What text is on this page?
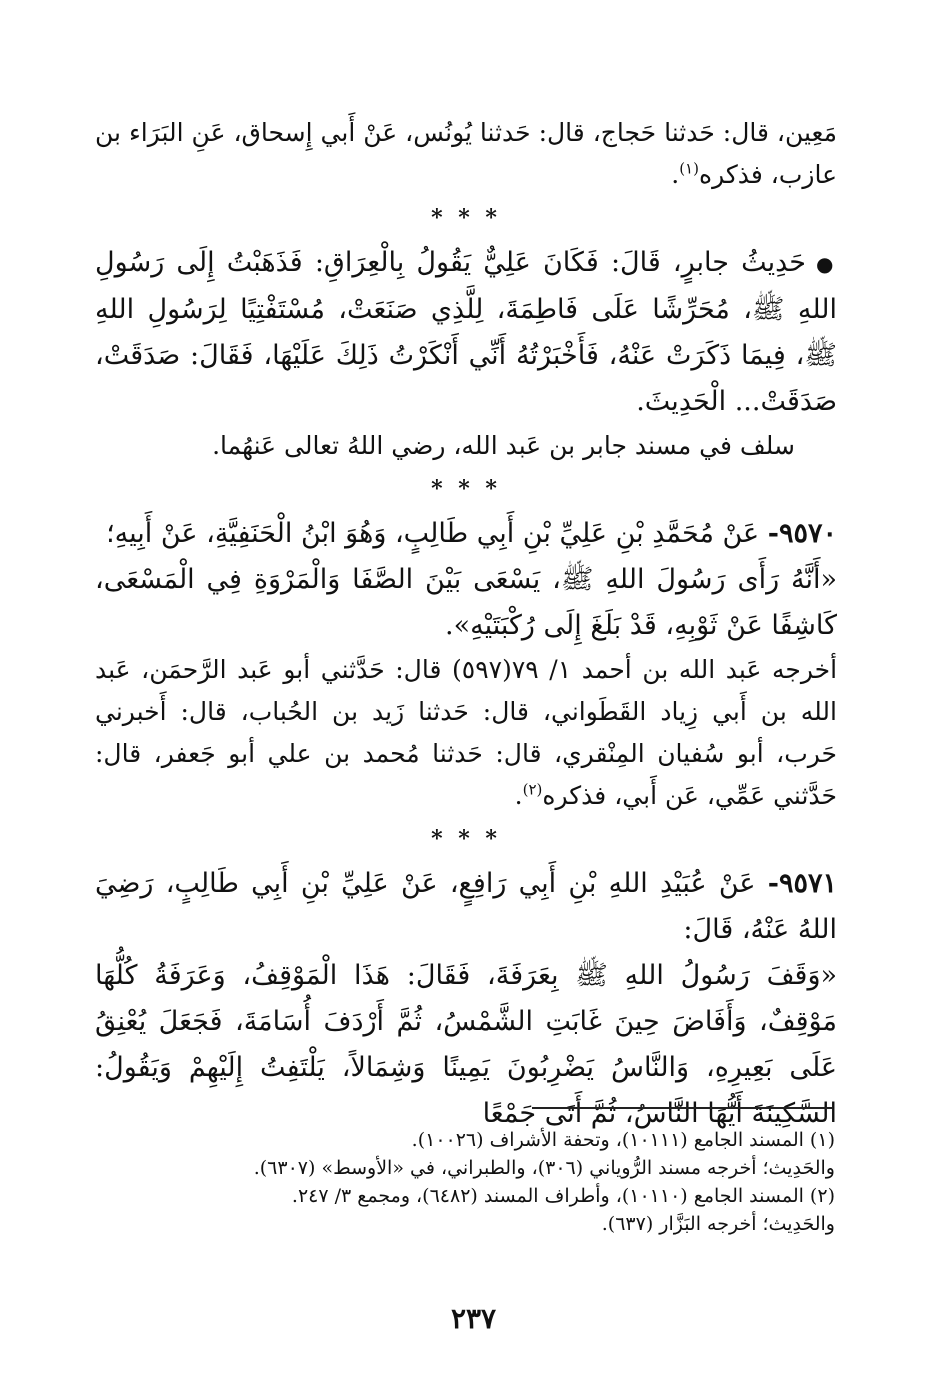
مَعِين، قال: حَدثنا حَجاج، قال: حَدثنا يُونُس، عَنْ أَبي إِسحاق، عَنِ البَرَاء بن عازب، فذكره$^{(١)}$.

* * *

●حَدِيثُ جابرٍ، قَالَ: فَكَانَ عَلِيٌّ يَقُولُ بِالْعِرَاقِ: فَذَهَبْتُ إِلَى رَسُولِ اللهِ ﷺ، مُحَرِّشًا عَلَى فَاطِمَةَ، لِلَّذِي صَنَعَتْ، مُسْتَفْتِيًا لِرَسُولِ اللهِ ﷺ، فِيمَا ذَكَرَتْ عَنْهُ، فَأَخْبَرْتُهُ أَنِّي أَنْكَرْتُ ذَلِكَ عَلَيْهَا، فَقَالَ: صَدَقَتْ، صَدَقَتْ... الْحَدِيثَ.

سلف في مسند جابر بن عَبد الله، رضي اللهُ تعالى عَنهُما.

* * *

٩٥٧٠- عَنْ مُحَمَّدِ بْنِ عَلِيِّ بْنِ أَبِي طَالِبٍ، وَهُوَ ابْنُ الْحَنَفِيَّةِ، عَنْ أَبِيهِ؛

«أَنَّهُ رَأَى رَسُولَ اللهِ ﷺ، يَسْعَى بَيْنَ الصَّفَا وَالْمَرْوَةِ فِي الْمَسْعَى، كَاشِفًا عَنْ ثَوْبِهِ، قَدْ بَلَغَ إِلَى رُكْبَتَيْهِ».

أخرجه عَبد الله بن أحمد ١/ ٧٩(٥٩٧) قال: حَدَّثني أبو عَبد الرَّحمَن، عَبد الله بن أَبي زِياد القَطَواني، قال: حَدثنا زَيد بن الحُباب، قال: أَخبرني حَرب، أبو سُفيان المِنْقري، قال: حَدثنا مُحمد بن علي أبو جَعفر، قال: حَدَّثني عَمِّي، عَن أَبي، فذكره$^{(٢)}$.

* * *

٩٥٧١- عَنْ عُبَيْدِ اللهِ بْنِ أَبِي رَافِعٍ، عَنْ عَلِيِّ بْنِ أَبِي طَالِبٍ، رَضِيَ اللهُ عَنْهُ، قَالَ:

«وَقَفَ رَسُولُ اللهِ ﷺ بِعَرَفَةَ، فَقَالَ: هَذَا الْمَوْقِفُ، وَعَرَفَةُ كُلُّهَا مَوْقِفٌ، وَأَفَاضَ حِينَ غَابَتِ الشَّمْسُ، ثُمَّ أَرْدَفَ أُسَامَةَ، فَجَعَلَ يُعْنِقُ عَلَى بَعِيرِهِ، وَالنَّاسُ يَضْرِبُونَ يَمِينًا وَشِمَالاً، يَلْتَفِتُ إِلَيْهِمْ وَيَقُولُ: السَّكِينَةَ أَيُّهَا النَّاسُ، ثُمَّ أَتَى جَمْعًا

(١) المسند الجامع (١٠١١١)، وتحفة الأشراف (١٠٠٢٦).

والحَدِيث؛ أخرجه مسند الرُّوياني (٣٠٦)، والطبراني، في «الأوسط» (٦٣٠٧).

(٢) المسند الجامع (١٠١١٠)، وأطراف المسند (٦٤٨٢)، ومجمع ٣/ ٢٤٧.

والحَدِيث؛ أخرجه البَزَّار (٦٣٧).

٢٣٧
